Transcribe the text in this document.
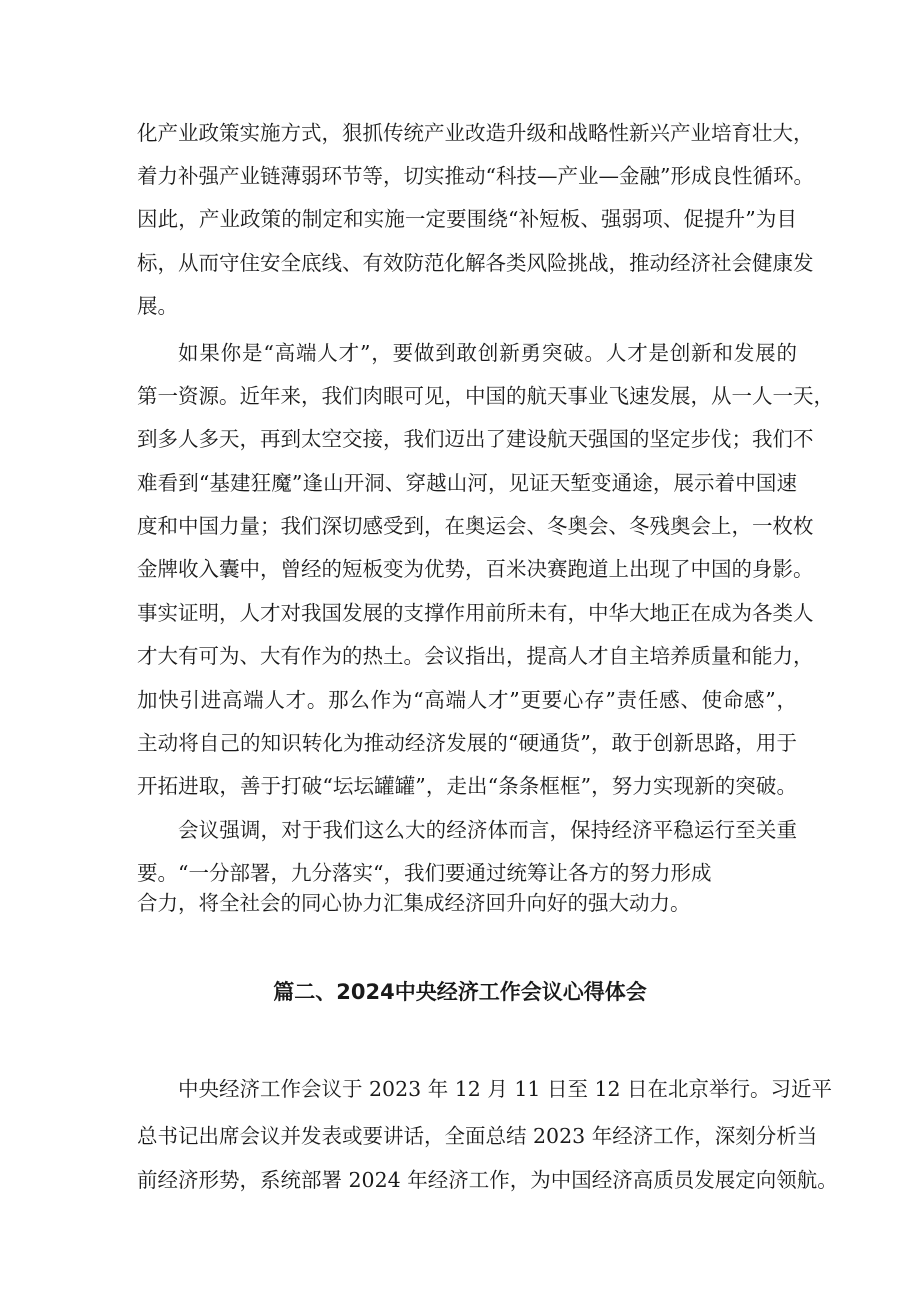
化产业政策实施方式，狠抓传统产业改造升级和战略性新兴产业培育壮大，
着力补强产业链薄弱环节等，切实推动“科技—产业—金融”形成良性循环。
因此，产业政策的制定和实施一定要围绕“补短板、强弱项、促提升”为目
标，从而守住安全底线、有效防范化解各类风险挑战，推动经济社会健康发
展。
如果你是“高端人才”，要做到敢创新勇突破。人才是创新和发展的
第一资源。近年来，我们肉眼可见，中国的航天事业飞速发展，从一人一天，
到多人多天，再到太空交接，我们迈出了建设航天强国的坚定步伐；我们不
难看到“基建狂魔”逢山开洞、穿越山河，见证天堑变通途，展示着中国速
度和中国力量；我们深切感受到，在奥运会、冬奥会、冬残奥会上，一枚枚
金牌收入囊中，曾经的短板变为优势，百米决赛跑道上出现了中国的身影。
事实证明，人才对我国发展的支撑作用前所未有，中华大地正在成为各类人
才大有可为、大有作为的热土。会议指出，提高人才自主培养质量和能力，
加快引进高端人才。那么作为“高端人才”更要心存”责任感、使命感”，
主动将自己的知识转化为推动经济发展的“硬通货”，敢于创新思路，用于
开拓进取，善于打破“坛坛罐罐”，走出“条条框框”，努力实现新的突破。
会议强调，对于我们这么大的经济体而言，保持经济平稳运行至关重
要。“一分部署，九分落实“，我们要通过统筹让各方的努力形成
合力，将全社会的同心协力汇集成经济回升向好的强大动力。
篇二、2024中央经济工作会议心得体会
中央经济工作会议于 2023 年 12 月 11 日至 12 日在北京举行。习近平
总书记出席会议并发表或要讲话，全面总结 2023 年经济工作，深刻分析当
前经济形势，系统部署 2024 年经济工作，为中国经济高质员发展定向领航。
